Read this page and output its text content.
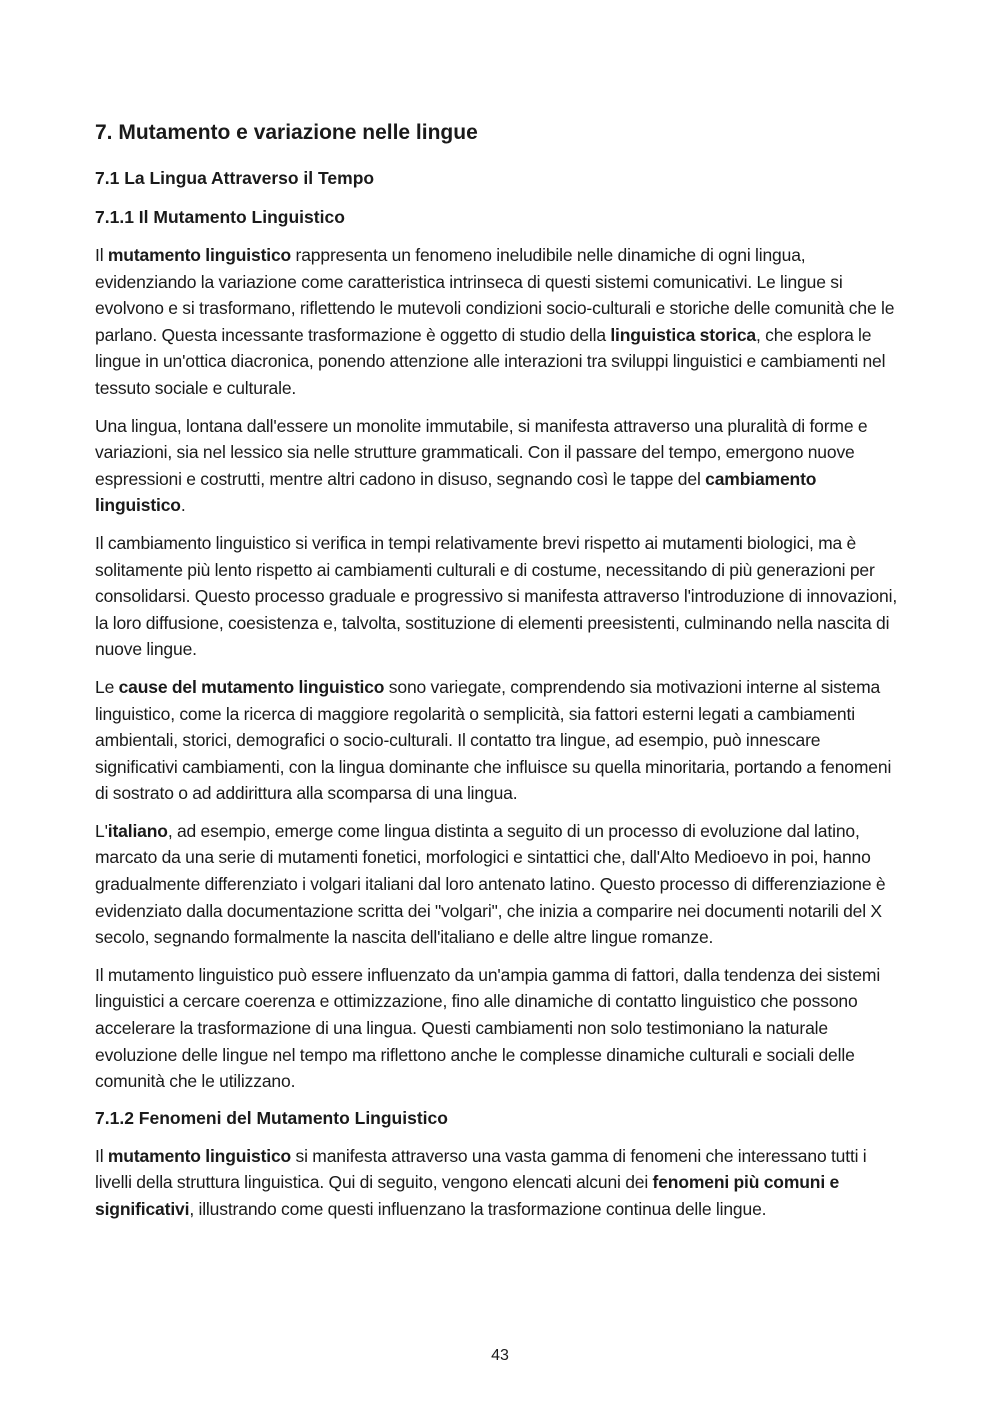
7. Mutamento e variazione nelle lingue
7.1 La Lingua Attraverso il Tempo
7.1.1 Il Mutamento Linguistico

Il mutamento linguistico rappresenta un fenomeno ineludibile nelle dinamiche di ogni lingua, evidenziando la variazione come caratteristica intrinseca di questi sistemi comunicativi. Le lingue si evolvono e si trasformano, riflettendo le mutevoli condizioni socio-culturali e storiche delle comunità che le parlano. Questa incessante trasformazione è oggetto di studio della linguistica storica, che esplora le lingue in un'ottica diacronica, ponendo attenzione alle interazioni tra sviluppi linguistici e cambiamenti nel tessuto sociale e culturale.

Una lingua, lontana dall'essere un monolite immutabile, si manifesta attraverso una pluralità di forme e variazioni, sia nel lessico sia nelle strutture grammaticali. Con il passare del tempo, emergono nuove espressioni e costrutti, mentre altri cadono in disuso, segnando così le tappe del cambiamento linguistico.

Il cambiamento linguistico si verifica in tempi relativamente brevi rispetto ai mutamenti biologici, ma è solitamente più lento rispetto ai cambiamenti culturali e di costume, necessitando di più generazioni per consolidarsi. Questo processo graduale e progressivo si manifesta attraverso l'introduzione di innovazioni, la loro diffusione, coesistenza e, talvolta, sostituzione di elementi preesistenti, culminando nella nascita di nuove lingue.

Le cause del mutamento linguistico sono variegate, comprendendo sia motivazioni interne al sistema linguistico, come la ricerca di maggiore regolarità o semplicità, sia fattori esterni legati a cambiamenti ambientali, storici, demografici o socio-culturali. Il contatto tra lingue, ad esempio, può innescare significativi cambiamenti, con la lingua dominante che influisce su quella minoritaria, portando a fenomeni di sostrato o ad addirittura alla scomparsa di una lingua.

L'italiano, ad esempio, emerge come lingua distinta a seguito di un processo di evoluzione dal latino, marcato da una serie di mutamenti fonetici, morfologici e sintattici che, dall'Alto Medioevo in poi, hanno gradualmente differenziato i volgari italiani dal loro antenato latino. Questo processo di differenziazione è evidenziato dalla documentazione scritta dei "volgari", che inizia a comparire nei documenti notarili del X secolo, segnando formalmente la nascita dell'italiano e delle altre lingue romanze.

Il mutamento linguistico può essere influenzato da un'ampia gamma di fattori, dalla tendenza dei sistemi linguistici a cercare coerenza e ottimizzazione, fino alle dinamiche di contatto linguistico che possono accelerare la trasformazione di una lingua. Questi cambiamenti non solo testimoniano la naturale evoluzione delle lingue nel tempo ma riflettono anche le complesse dinamiche culturali e sociali delle comunità che le utilizzano.

7.1.2 Fenomeni del Mutamento Linguistico

Il mutamento linguistico si manifesta attraverso una vasta gamma di fenomeni che interessano tutti i livelli della struttura linguistica. Qui di seguito, vengono elencati alcuni dei fenomeni più comuni e significativi, illustrando come questi influenzano la trasformazione continua delle lingue.

43
